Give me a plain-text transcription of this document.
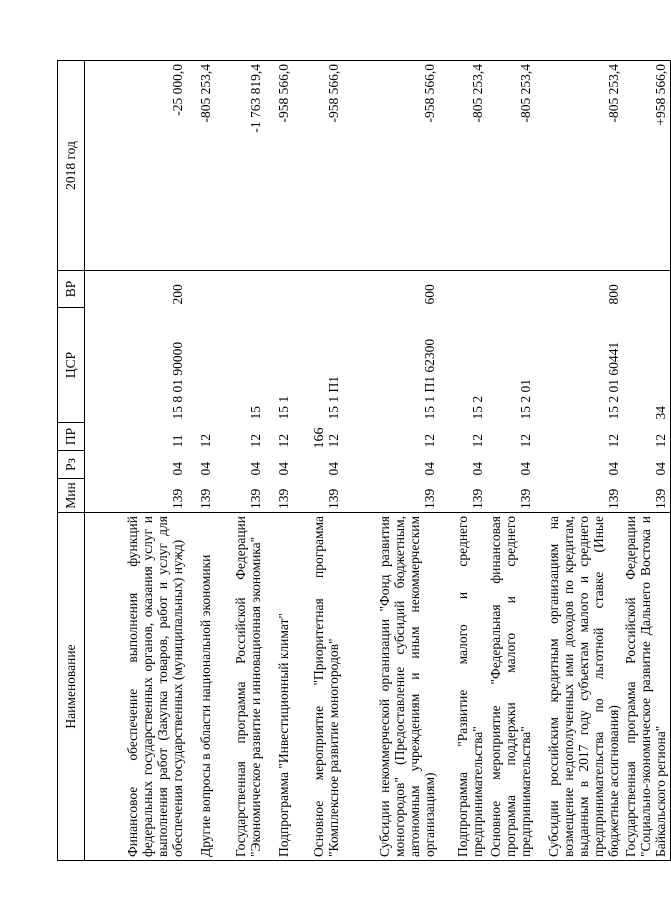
166
Наименование	Мин	Рз	ПР	ЦСР	ВР	2018 год
Финансовое обеспечение выполнения функций федеральных государственных органов, оказания услуг и выполнения работ (Закупка товаров, работ и услуг для обеспечения государственных (муниципальных) нужд)	139	04	11	15 8 01 90000	200	-25 000,0
Другие вопросы в области национальной экономики	139	04	12			-805 253,4
Государственная программа Российской Федерации "Экономическое развитие и инновационная экономика"	139	04	12	15		-1 763 819,4
Подпрограмма "Инвестиционный климат"	139	04	12	15 1		-958 566,0
Основное мероприятие "Приоритетная программа "Комплексное развитие моногородов"	139	04	12	15 1 П1		-958 566,0
Субсидии некоммерческой организации "Фонд развития моногородов" (Предоставление субсидий бюджетным, автономным учреждениям и иным некоммерческим организациям)	139	04	12	15 1 П1 62300	600	-958 566,0
Подпрограмма "Развитие малого и среднего предпринимательства"	139	04	12	15 2		-805 253,4
Основное мероприятие "Федеральная финансовая программа поддержки малого и среднего предпринимательства"	139	04	12	15 2 01		-805 253,4
Субсидии российским кредитным организациям на возмещение недополученных ими доходов по кредитам, выданным в 2017 году субъектам малого и среднего предпринимательства по льготной ставке (Иные бюджетные ассигнования)	139	04	12	15 2 01 60441	800	-805 253,4
Государственная программа Российской Федерации "Социально-экономическое развитие Дальнего Востока и Байкальского региона"	139	04	12	34		+958 566,0
